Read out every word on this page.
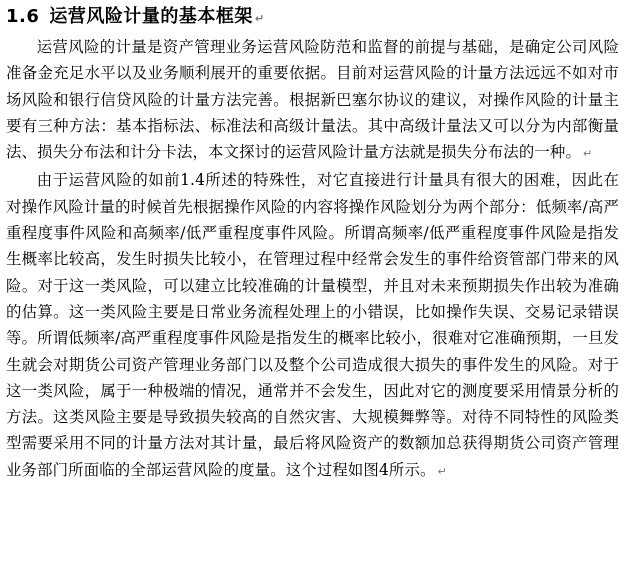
1.6 运营风险计量的基本框架 ↵

运营风险的计量是资产管理业务运营风险防范和监督的前提与基础，是确定公司风险准备金充足水平以及业务顺利展开的重要依据。目前对运营风险的计量方法远远不如对市场风险和银行信贷风险的计量方法完善。根据新巴塞尔协议的建议，对操作风险的计量主要有三种方法：基本指标法、标准法和高级计量法。其中高级计量法又可以分为内部衡量法、损失分布法和计分卡法，本文探讨的运营风险计量方法就是损失分布法的一种。 ↵

由于运营风险的如前1.4所述的特殊性，对它直接进行计量具有很大的困难，因此在对操作风险计量的时候首先根据操作风险的内容将操作风险划分为两个部分：低频率/高严重程度事件风险和高频率/低严重程度事件风险。所谓高频率/低严重程度事件风险是指发生概率比较高，发生时损失比较小，在管理过程中经常会发生的事件给资管部门带来的风险。对于这一类风险，可以建立比较准确的计量模型，并且对未来预期损失作出较为准确的估算。这一类风险主要是日常业务流程处理上的小错误，比如操作失误、交易记录错误等。所谓低频率/高严重程度事件风险是指发生的概率比较小，很难对它准确预期，一旦发生就会对期货公司资产管理业务部门以及整个公司造成很大损失的事件发生的风险。对于这一类风险，属于一种极端的情况，通常并不会发生，因此对它的测度要采用情景分析的方法。这类风险主要是导致损失较高的自然灾害、大规模舞弊等。对待不同特性的风险类型需要采用不同的计量方法对其计量，最后将风险资产的数额加总获得期货公司资产管理业务部门所面临的全部运营风险的度量。这个过程如图4所示。 ↵
